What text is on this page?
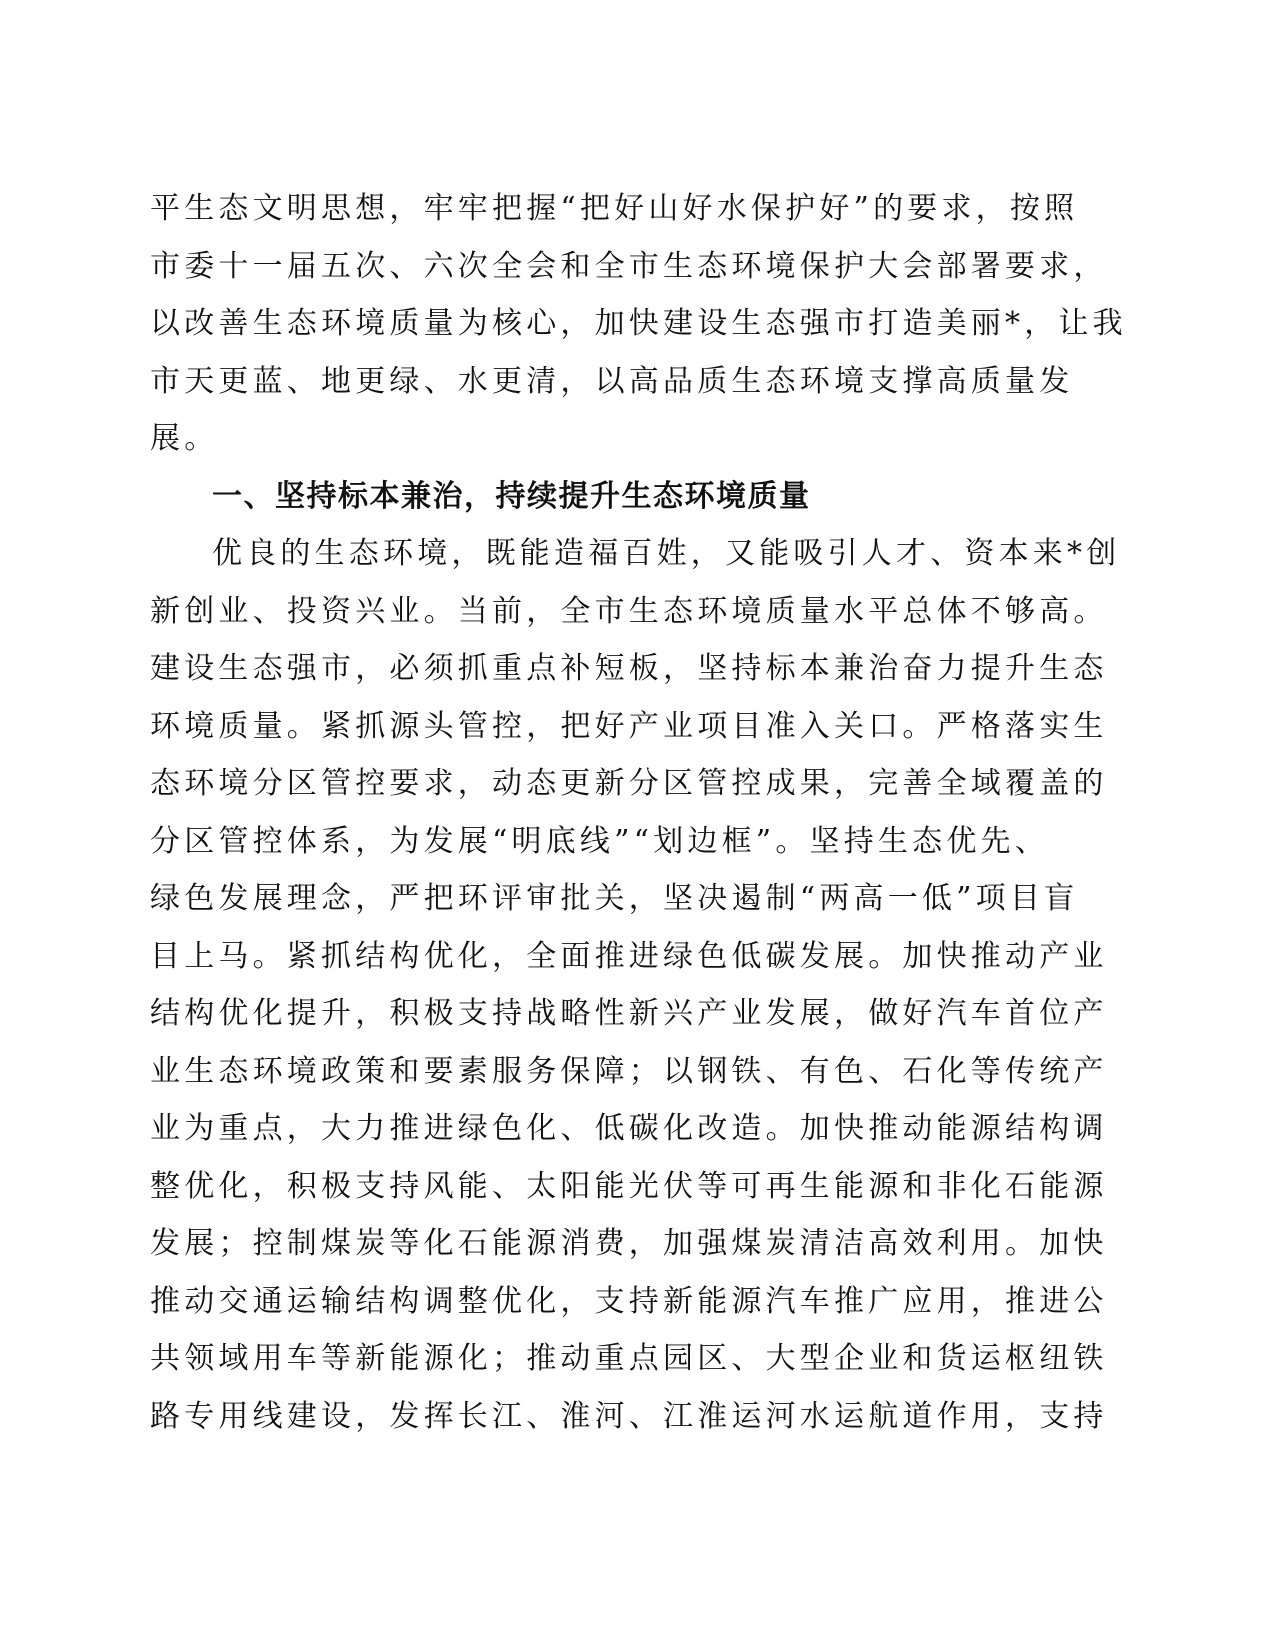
平生态文明思想，牢牢把握“把好山好水保护好”的要求，按照
市委十一届五次、六次全会和全市生态环境保护大会部署要求，
以改善生态环境质量为核心，加快建设生态强市打造美丽*，让我
市天更蓝、地更绿、水更清，以高品质生态环境支撑高质量发
展。
一、坚持标本兼治，持续提升生态环境质量
优良的生态环境，既能造福百姓，又能吸引人才、资本来*创
新创业、投资兴业。当前，全市生态环境质量水平总体不够高。
建设生态强市，必须抓重点补短板，坚持标本兼治奋力提升生态
环境质量。紧抓源头管控，把好产业项目准入关口。严格落实生
态环境分区管控要求，动态更新分区管控成果，完善全域覆盖的
分区管控体系，为发展“明底线”“划边框”。坚持生态优先、
绿色发展理念，严把环评审批关，坚决遏制“两高一低”项目盲
目上马。紧抓结构优化，全面推进绿色低碳发展。加快推动产业
结构优化提升，积极支持战略性新兴产业发展，做好汽车首位产
业生态环境政策和要素服务保障；以钢铁、有色、石化等传统产
业为重点，大力推进绿色化、低碳化改造。加快推动能源结构调
整优化，积极支持风能、太阳能光伏等可再生能源和非化石能源
发展；控制煤炭等化石能源消费，加强煤炭清洁高效利用。加快
推动交通运输结构调整优化，支持新能源汽车推广应用，推进公
共领域用车等新能源化；推动重点园区、大型企业和货运枢纽铁
路专用线建设，发挥长江、淮河、江淮运河水运航道作用，支持
